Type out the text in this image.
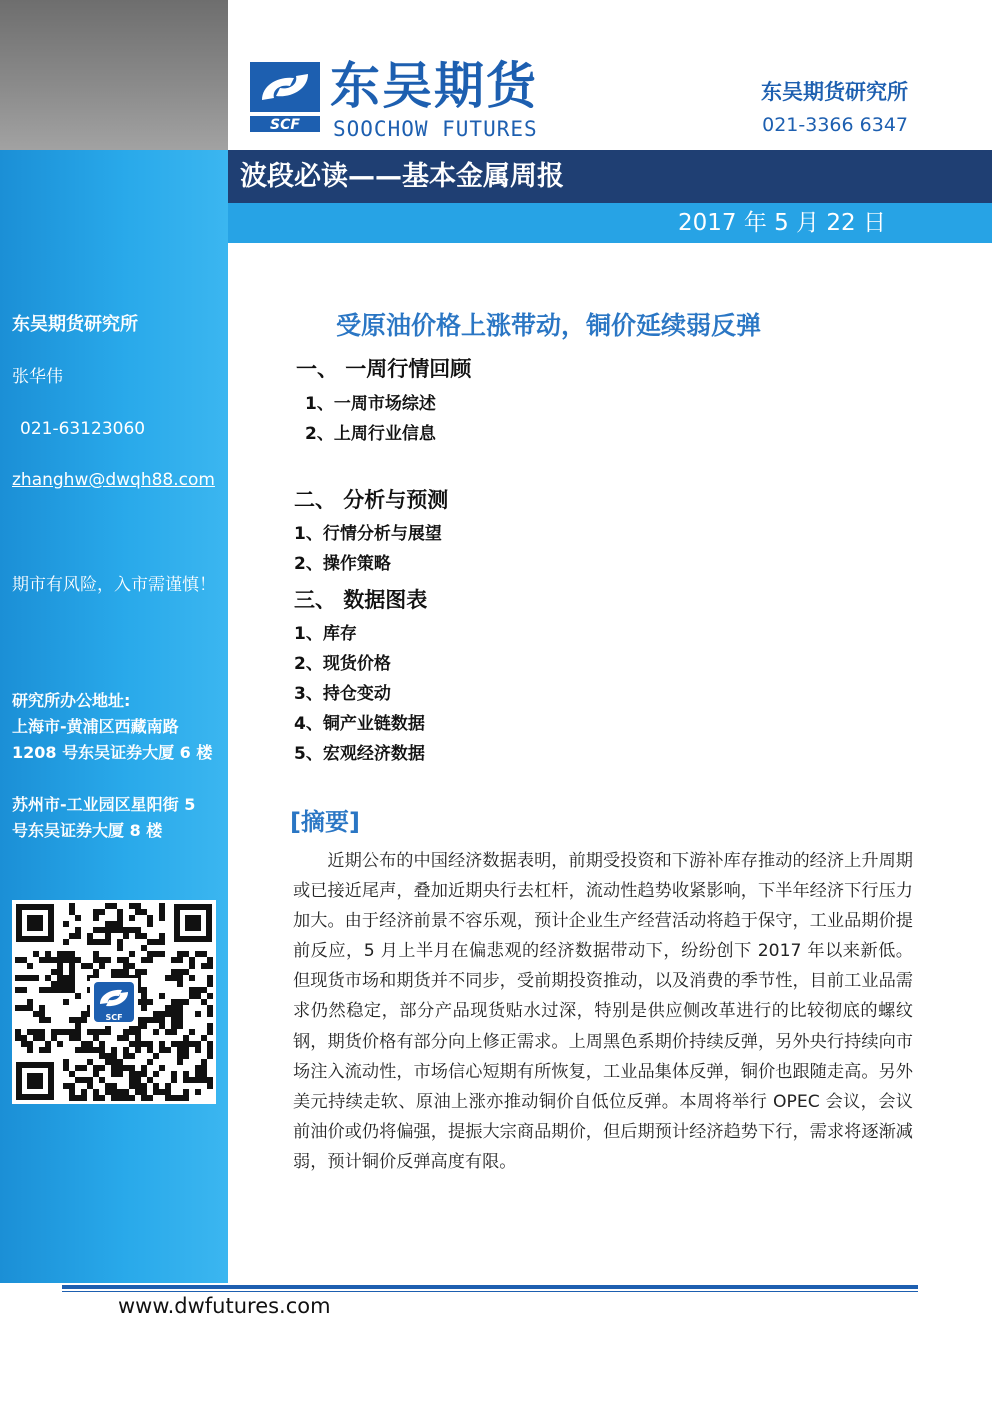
SCF
东吴期货
SOOCHOW FUTURES
东吴期货研究所
021-3366 6347
波段必读——基本金属周报
2017 年 5 月 22 日
东吴期货研究所
张华伟
021-63123060
zhanghw@dwqh88.com
期市有风险，入市需谨慎！
研究所办公地址:
上海市-黄浦区西藏南路
1208 号东吴证券大厦 6 楼
苏州市-工业园区星阳街 5
号东吴证券大厦 8 楼
SCF
受原油价格上涨带动，铜价延续弱反弹
一、 一周行情回顾
1、一周市场综述
2、上周行业信息
二、 分析与预测
1、行情分析与展望
2、操作策略
三、 数据图表
1、库存
2、现货价格
3、持仓变动
4、铜产业链数据
5、宏观经济数据
[摘要]
近期公布的中国经济数据表明，前期受投资和下游补库存推动的经济上升周期或已接近尾声，叠加近期央行去杠杆，流动性趋势收紧影响，下半年经济下行压力加大。由于经济前景不容乐观，预计企业生产经营活动将趋于保守，工业品期价提前反应，5 月上半月在偏悲观的经济数据带动下，纷纷创下 2017 年以来新低。但现货市场和期货并不同步，受前期投资推动，以及消费的季节性，目前工业品需求仍然稳定，部分产品现货贴水过深，特别是供应侧改革进行的比较彻底的螺纹钢，期货价格有部分向上修正需求。上周黑色系期价持续反弹，另外央行持续向市场注入流动性，市场信心短期有所恢复，工业品集体反弹，铜价也跟随走高。另外美元持续走软、原油上涨亦推动铜价自低位反弹。本周将举行 OPEC 会议，会议前油价或仍将偏强，提振大宗商品期价，但后期预计经济趋势下行，需求将逐渐减弱，预计铜价反弹高度有限。
www.dwfutures.com
